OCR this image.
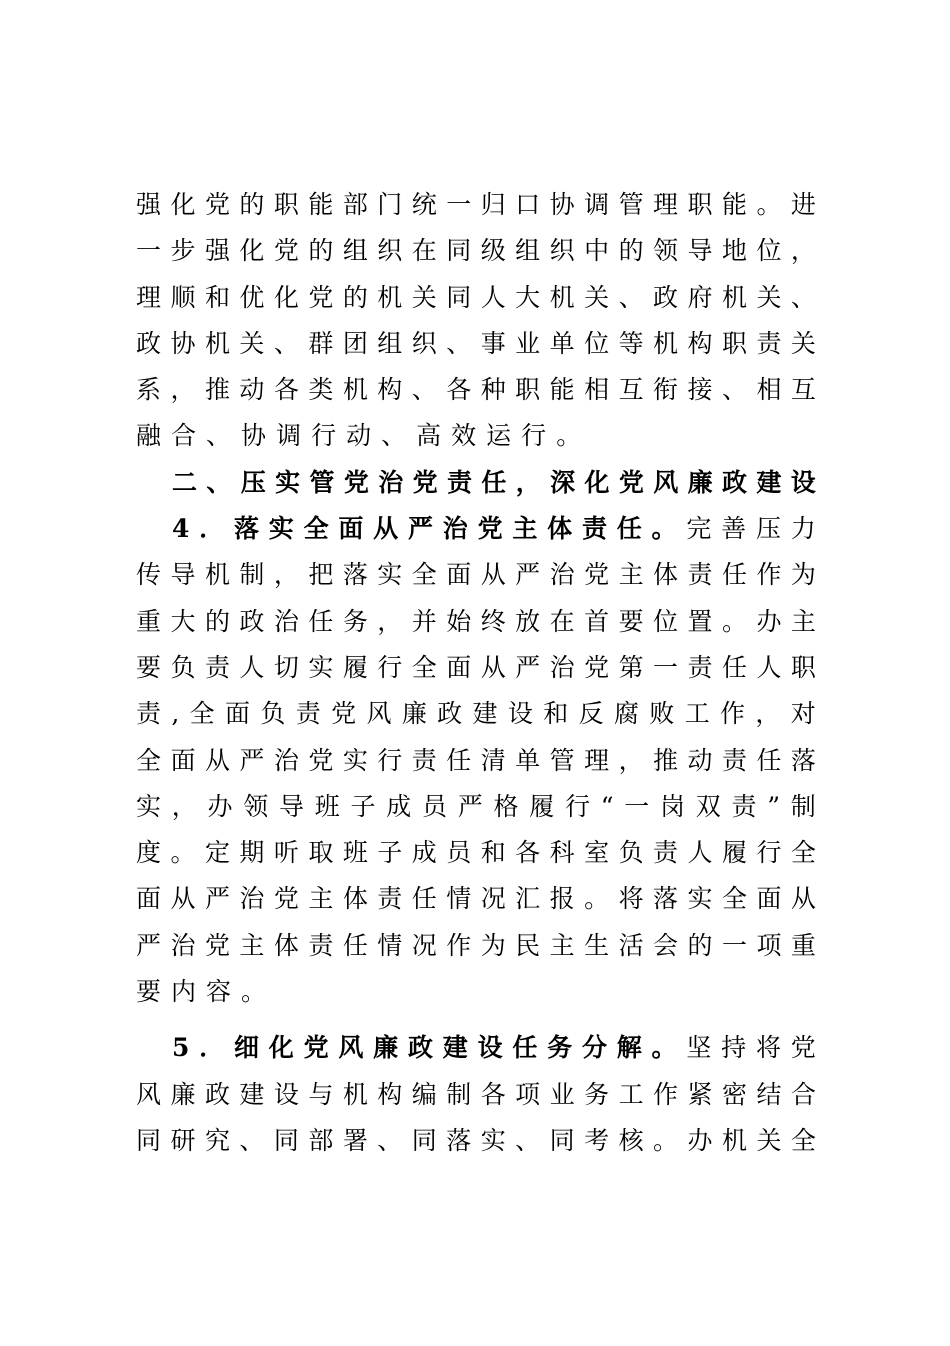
强 化 党 的 职 能 部 门 统 一 归 口 协 调 管 理 职 能 。 进
一 步 强 化 党 的 组 织 在 同 级 组 织 中 的 领 导 地 位 ，
理 顺 和 优 化 党 的 机 关 同 人 大 机 关 、 政 府 机 关 、
政 协 机 关 、 群 团 组 织 、 事 业 单 位 等 机 构 职 责 关
系 ， 推 动 各 类 机 构 、 各 种 职 能 相 互 衔 接 、 相 互
融 合 、 协 调 行 动 、 高 效 运 行 。
二 、 压 实 管 党 治 党 责 任 ， 深 化 党 风 廉 政 建 设
4 ． 落 实 全 面 从 严 治 党 主 体 责 任 。 完 善 压 力
传 导 机 制 ， 把 落 实 全 面 从 严 治 党 主 体 责 任 作 为
重 大 的 政 治 任 务 ， 并 始 终 放 在 首 要 位 置 。 办 主
要 负 责 人 切 实 履 行 全 面 从 严 治 党 第 一 责 任 人 职
责 , 全 面 负 责 党 风 廉 政 建 设 和 反 腐 败 工 作 ， 对
全 面 从 严 治 党 实 行 责 任 清 单 管 理 ， 推 动 责 任 落
实 ， 办 领 导 班 子 成 员 严 格 履 行 “ 一 岗 双 责 ” 制
度 。 定 期 听 取 班 子 成 员 和 各 科 室 负 责 人 履 行 全
面 从 严 治 党 主 体 责 任 情 况 汇 报 。 将 落 实 全 面 从
严 治 党 主 体 责 任 情 况 作 为 民 主 生 活 会 的 一 项 重
要 内 容 。
5 ． 细 化 党 风 廉 政 建 设 任 务 分 解 。 坚 持 将 党
风 廉 政 建 设 与 机 构 编 制 各 项 业 务 工 作 紧 密 结 合
同 研 究 、 同 部 署 、 同 落 实 、 同 考 核 。 办 机 关 全
